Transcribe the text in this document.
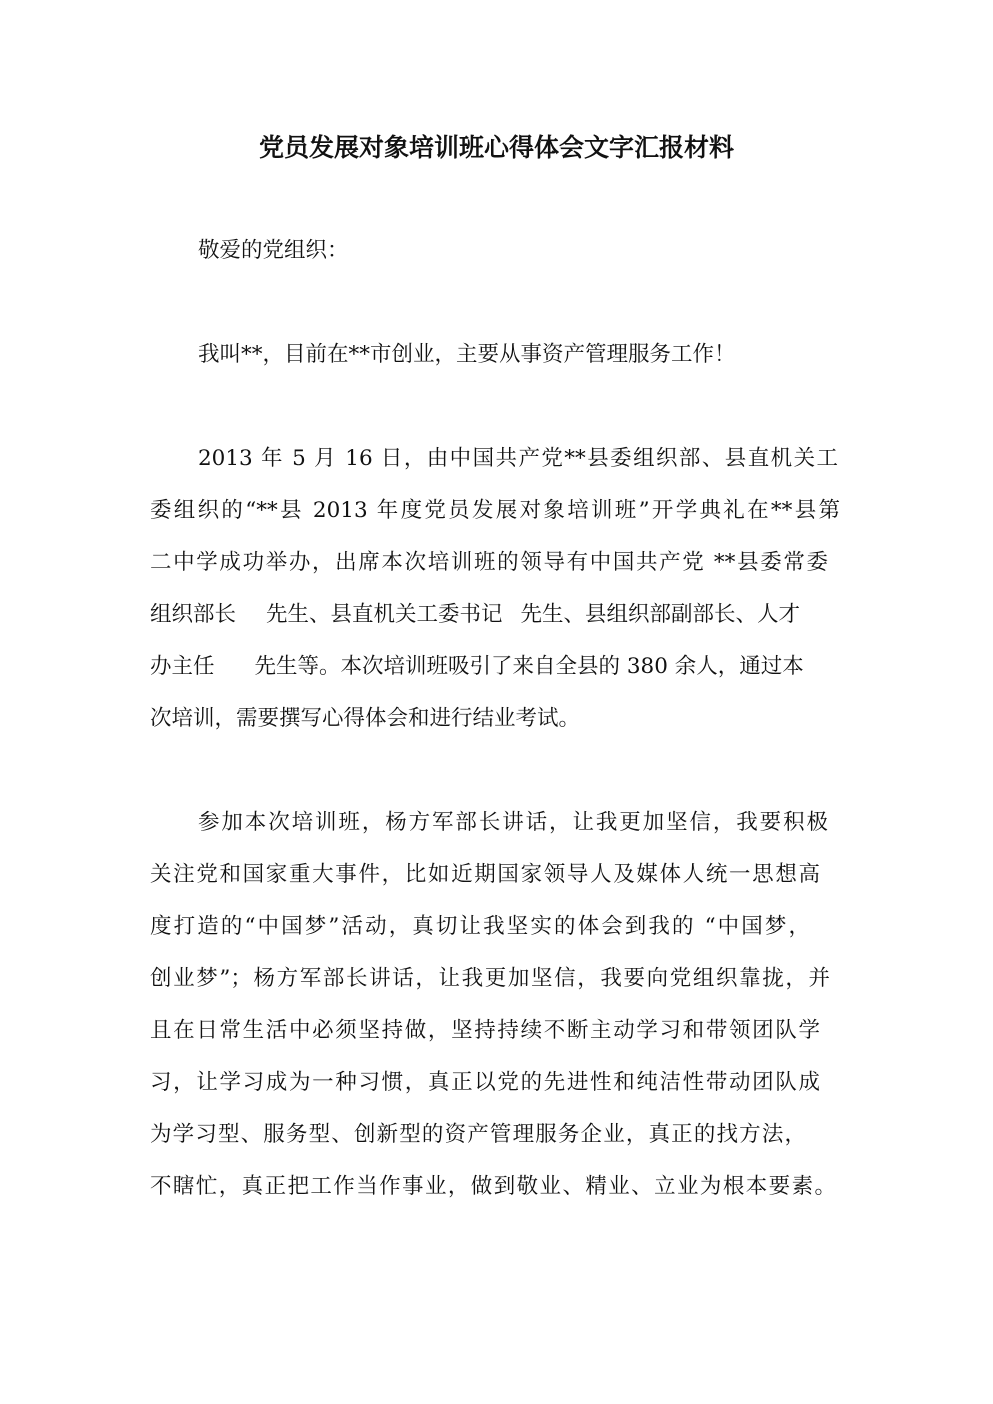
党员发展对象培训班心得体会文字汇报材料

敬爱的党组织：

我叫**，目前在**市创业，主要从事资产管理服务工作！

2013 年 5 月 16 日，由中国共产党**县委组织部、县直机关工

委组织的“**县 2013 年度党员发展对象培训班”开学典礼在**县第

二中学成功举办，出席本次培训班的领导有中国共产党 **县委常委

组织部长 先生、县直机关工委书记 先生、县组织部副部长、人才

办主任 先生等。本次培训班吸引了来自全县的 380 余人，通过本

次培训，需要撰写心得体会和进行结业考试。

参加本次培训班，杨方军部长讲话，让我更加坚信，我要积极

关注党和国家重大事件，比如近期国家领导人及媒体人统一思想高

度打造的“中国梦”活动，真切让我坚实的体会到我的 “中国梦，

创业梦”；杨方军部长讲话，让我更加坚信，我要向党组织靠拢，并

且在日常生活中必须坚持做，坚持持续不断主动学习和带领团队学

习，让学习成为一种习惯，真正以党的先进性和纯洁性带动团队成

为学习型、服务型、创新型的资产管理服务企业，真正的找方法，

不瞎忙，真正把工作当作事业，做到敬业、精业、立业为根本要素。
